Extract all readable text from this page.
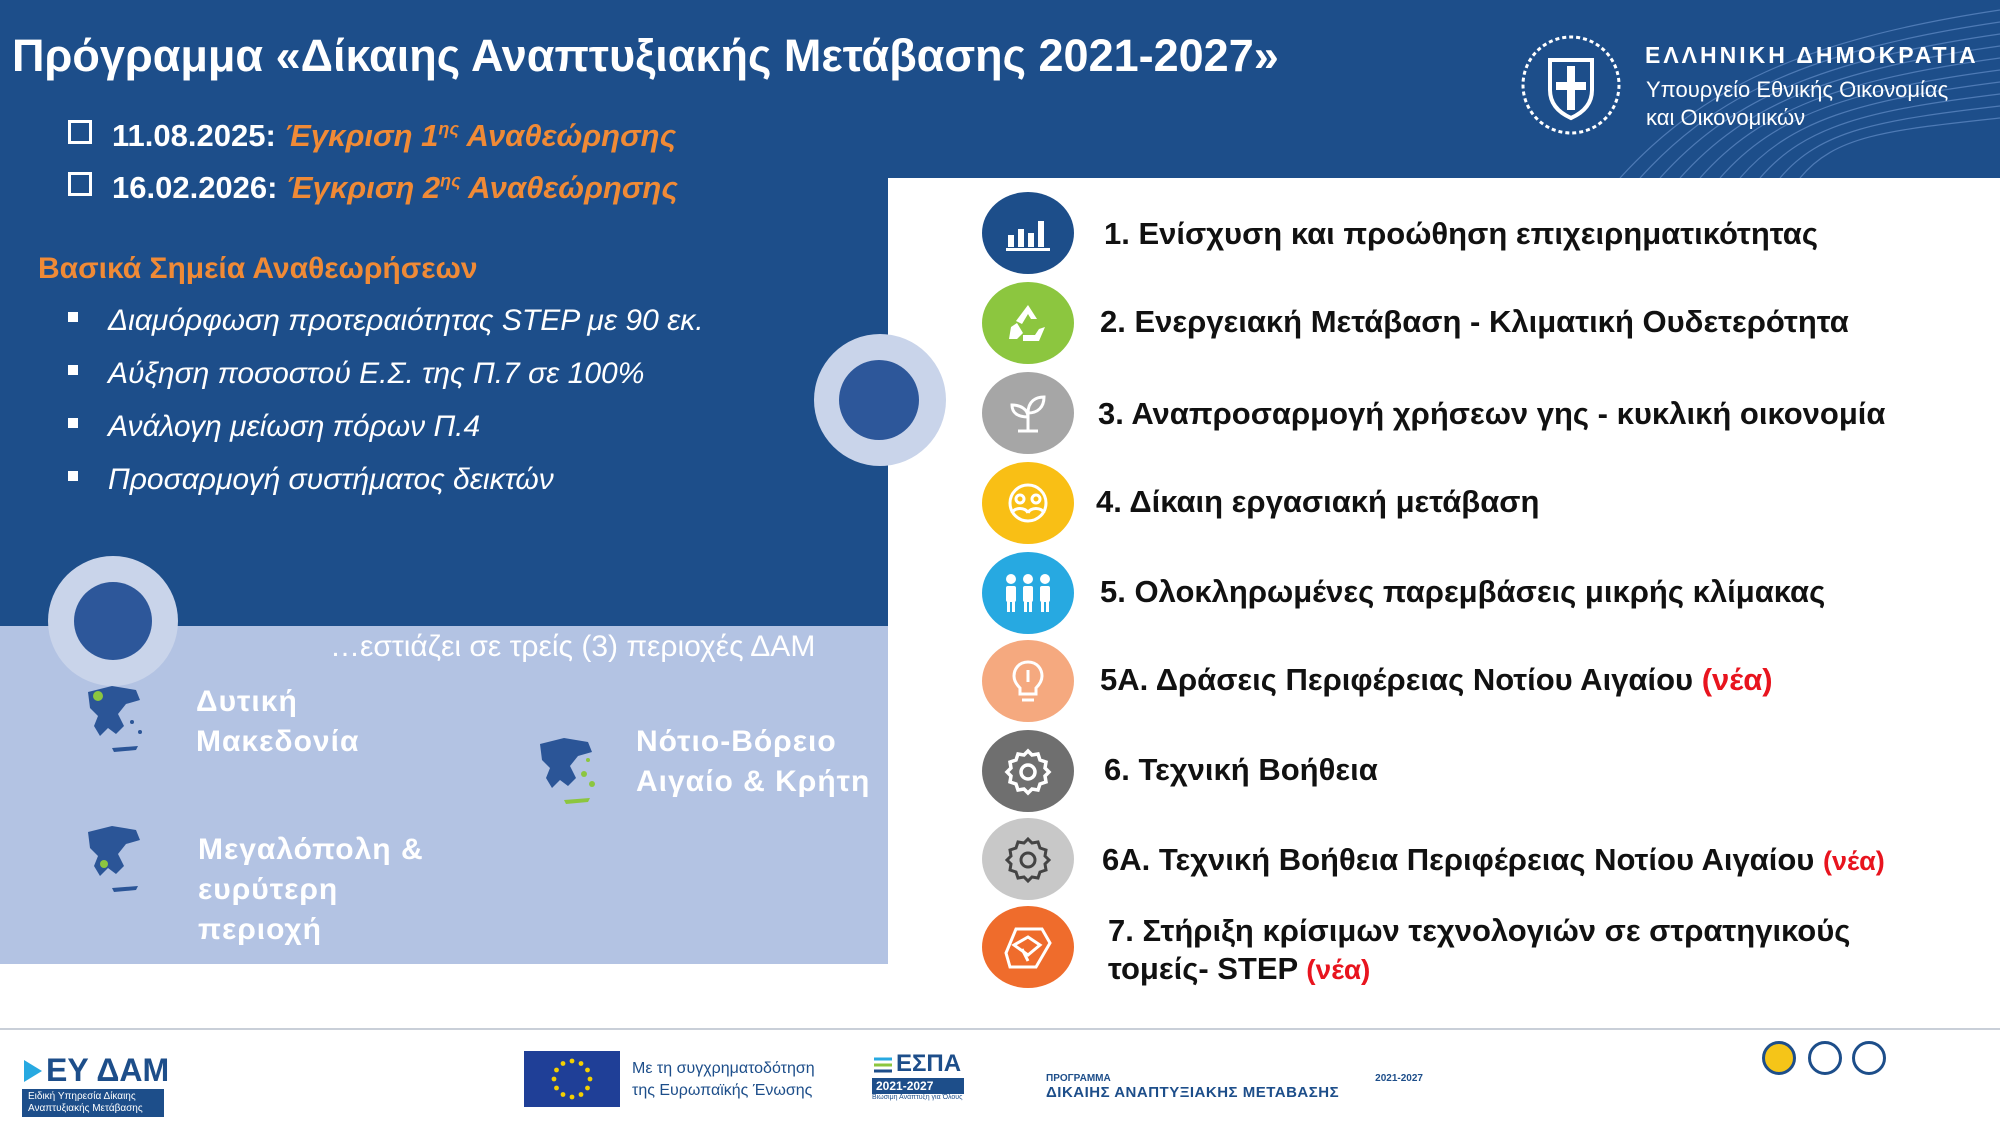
Πρόγραμμα «Δίκαιης Αναπτυξιακής Μετάβασης 2021-2027»	ΕΛΛΗΝΙΚΗ ΔΗΜΟΚΡΑΤΙΑ
Υπουργείο Εθνικής Οικονομίας
και Οικονομικών
11.08.2025: Έγκριση $1^{\eta\varsigma}$ Αναθεώρησης
16.02.2026: Έγκριση $2^{\eta\varsigma}$ Αναθεώρησης
Βασικά Σημεία Αναθεωρήσεων
Διαμόρφωση προτεραιότητας STEP με 90 εκ.
Αύξηση ποσοστού Ε.Σ. της Π.7 σε 100%
Ανάλογη μείωση πόρων Π.4
Προσαρμογή συστήματος δεικτών
…εστιάζει σε τρείς (3) περιοχές ΔΑΜ
Δυτική
Μακεδονία	Νότιο-Βόρειο
Αιγαίο & Κρήτη
Μεγαλόπολη &
ευρύτερη
περιοχή
1. Ενίσχυση και προώθηση επιχειρηματικότητας
2. Ενεργειακή Μετάβαση - Κλιματική Ουδετερότητα
3. Αναπροσαρμογή χρήσεων γης - κυκλική οικονομία
4. Δίκαιη εργασιακή μετάβαση
5. Ολοκληρωμένες παρεμβάσεις μικρής κλίμακας
5Α. Δράσεις Περιφέρειας Νοτίου Αιγαίου (νέα)
6. Τεχνική Βοήθεια
6Α. Τεχνική Βοήθεια Περιφέρειας Νοτίου Αιγαίου (νέα)
7. Στήριξη κρίσιμων τεχνολογιών σε στρατηγικούς
τομείς- STEP (νέα)
ΕΥ ΔΑΜ
Ειδική Υπηρεσία Δίκαιης
Αναπτυξιακής Μετάβασης
Με τη συγχρηματοδότηση
της Ευρωπαϊκής Ένωσης
ΕΣΠΑ
2021-2027
Βιώσιμη Ανάπτυξη για Όλους
ΠΡΟΓΡΑΜΜΑ	2021-2027
ΔΙΚΑΙΗΣ ΑΝΑΠΤΥΞΙΑΚΗΣ ΜΕΤΑΒΑΣΗΣ
